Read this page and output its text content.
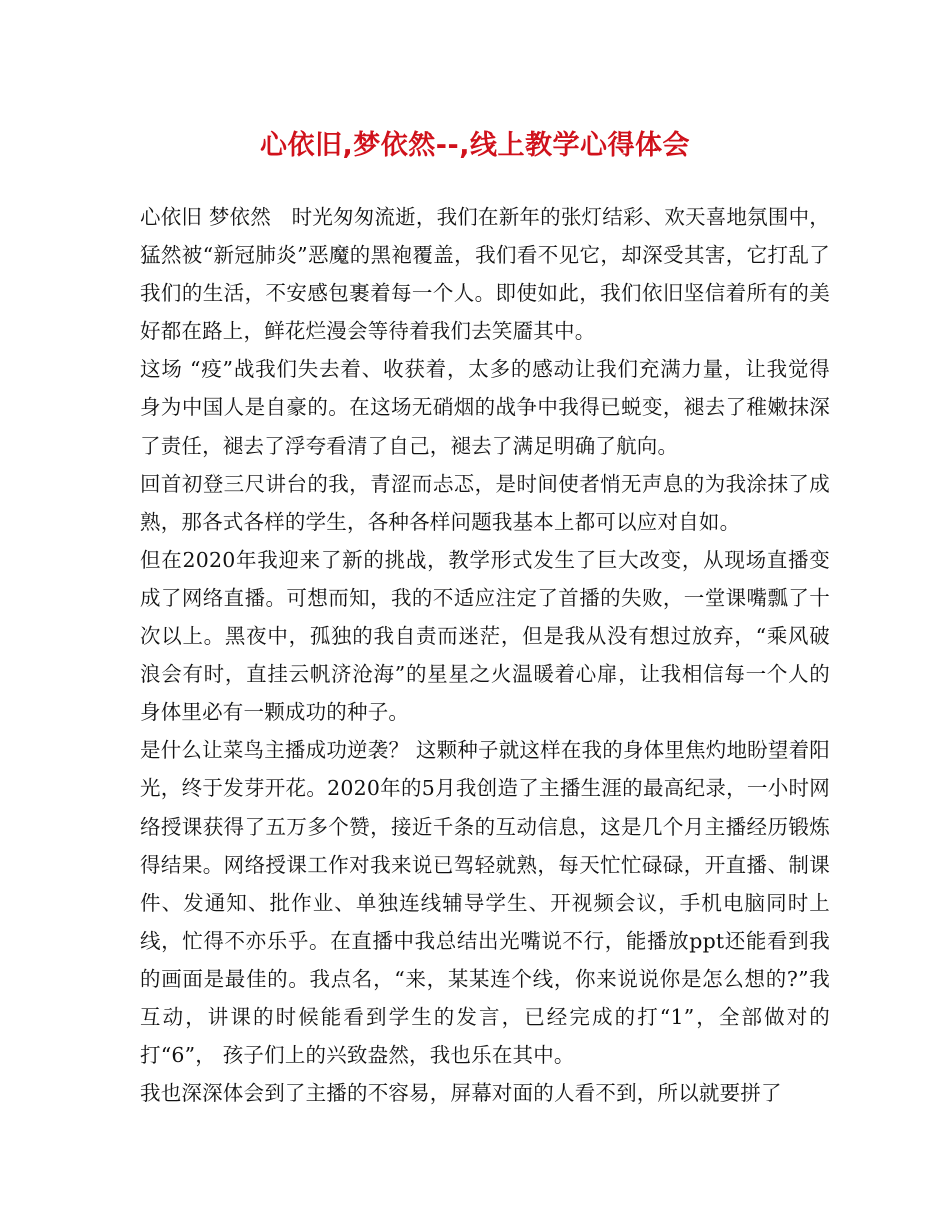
心依旧,梦依然--,线上教学心得体会

心依旧 梦依然　时光匆匆流逝，我们在新年的张灯结彩、欢天喜地氛围中，猛然被“新冠肺炎”恶魔的黑袍覆盖，我们看不见它，却深受其害，它打乱了我们的生活，不安感包裹着每一个人。即使如此，我们依旧坚信着所有的美好都在路上，鲜花烂漫会等待着我们去笑靥其中。

这场 “疫”战我们失去着、收获着，太多的感动让我们充满力量，让我觉得身为中国人是自豪的。在这场无硝烟的战争中我得已蜕变，褪去了稚嫩抹深了责任，褪去了浮夸看清了自己，褪去了满足明确了航向。

回首初登三尺讲台的我，青涩而忐忑，是时间使者悄无声息的为我涂抹了成熟，那各式各样的学生，各种各样问题我基本上都可以应对自如。

但在2020年我迎来了新的挑战，教学形式发生了巨大改变，从现场直播变成了网络直播。可想而知，我的不适应注定了首播的失败，一堂课嘴瓢了十次以上。黑夜中，孤独的我自责而迷茫，但是我从没有想过放弃，“乘风破浪会有时，直挂云帆济沧海”的星星之火温暖着心扉，让我相信每一个人的身体里必有一颗成功的种子。

是什么让菜鸟主播成功逆袭？ 这颗种子就这样在我的身体里焦灼地盼望着阳光，终于发芽开花。2020年的5月我创造了主播生涯的最高纪录，一小时网络授课获得了五万多个赞，接近千条的互动信息，这是几个月主播经历锻炼得结果。网络授课工作对我来说已驾轻就熟，每天忙忙碌碌，开直播、制课件、发通知、批作业、单独连线辅导学生、开视频会议，手机电脑同时上线，忙得不亦乐乎。在直播中我总结出光嘴说不行，能播放ppt还能看到我的画面是最佳的。我点名，“来，某某连个线，你来说说你是怎么想的?”我互动，讲课的时候能看到学生的发言，已经完成的打“1”，全部做对的打“6”， 孩子们上的兴致盎然，我也乐在其中。

我也深深体会到了主播的不容易，屏幕对面的人看不到，所以就要拼了
